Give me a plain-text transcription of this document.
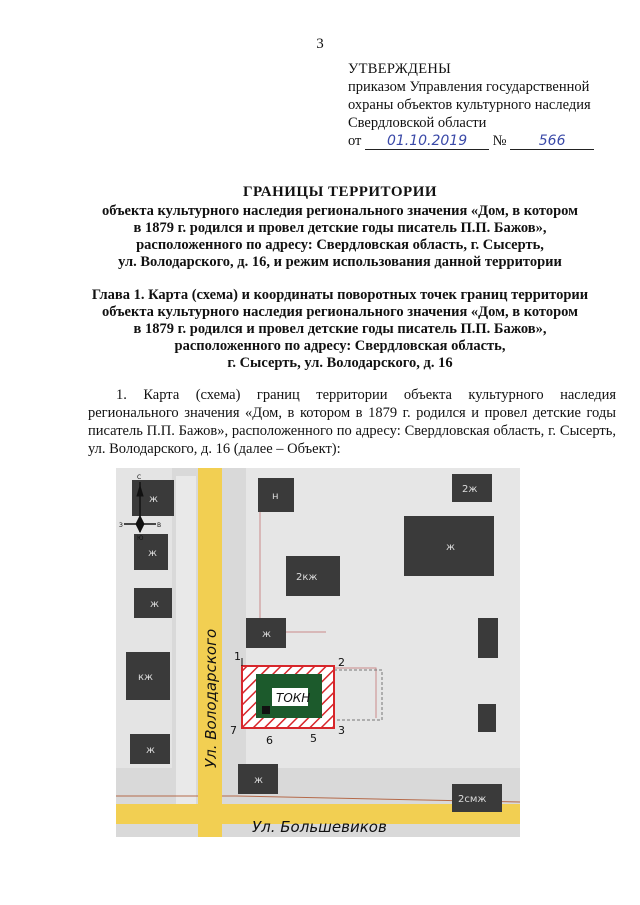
3
УТВЕРЖДЕНЫ
приказом Управления государственной
охраны объектов культурного наследия
Свердловской области
от 01.10.2019 № 566
ГРАНИЦЫ ТЕРРИТОРИИ
объекта культурного наследия регионального значения «Дом, в котором
в 1879 г. родился и провел детские годы писатель П.П. Бажов»,
расположенного по адресу: Свердловская область, г. Сысерть,
ул. Володарского, д. 16, и режим использования данной территории
Глава 1. Карта (схема) и координаты поворотных точек границ территории
объекта культурного наследия регионального значения «Дом, в котором
в 1879 г. родился и провел детские годы писатель П.П. Бажов»,
расположенного по адресу: Свердловская область,
г. Сысерть, ул. Володарского, д. 16
1. Карта (схема) границ территории объекта культурного наследия регионального значения «Дом, в котором в 1879 г. родился и провел детские годы писатель П.П. Бажов», расположенного по адресу: Свердловская область, г. Сысерть, ул. Володарского, д. 16 (далее – Объект):
ж
ж
ж
кж
ж
н
2ж
ж
2кж
ж
ж
2смж
С
З	В
Ю
ТОКН
1	2
3
5
6
7
Ул. Володарского
Ул. Большевиков
